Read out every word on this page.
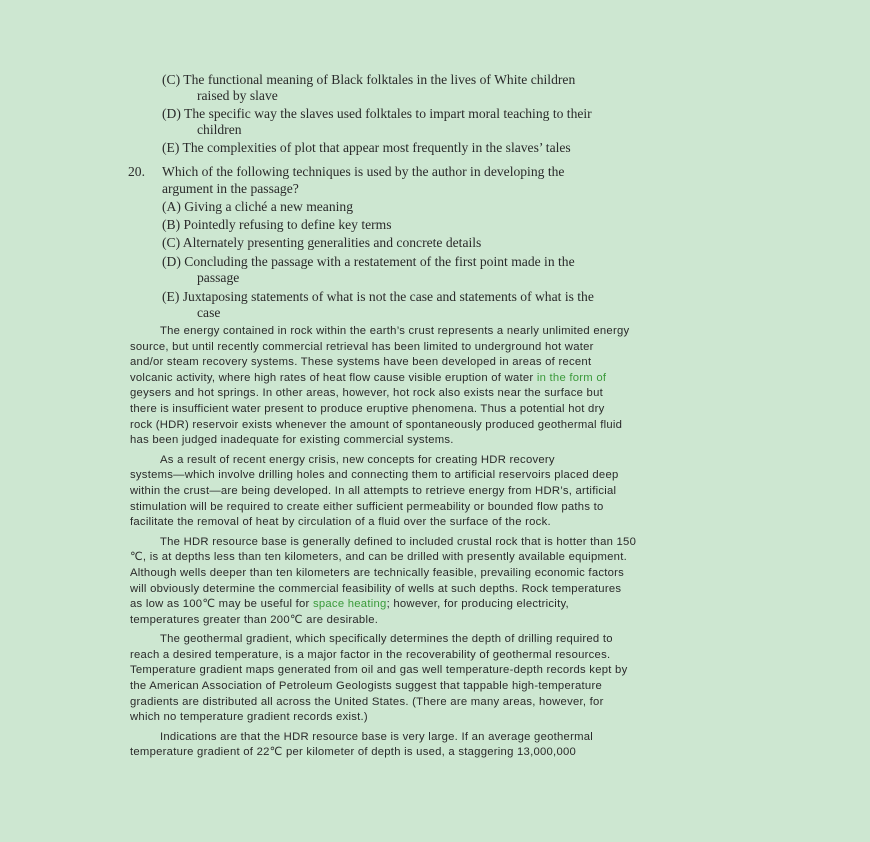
(C) The functional meaning of Black folktales in the lives of White children
raised by slave
(D) The specific way the slaves used folktales to impart moral teaching to their
children
(E) The complexities of plot that appear most frequently in the slaves’ tales
20. Which of the following techniques is used by the author in developing the
argument in the passage?
(A) Giving a cliché a new meaning
(B) Pointedly refusing to define key terms
(C) Alternately presenting generalities and concrete details
(D) Concluding the passage with a restatement of the first point made in the
passage
(E) Juxtaposing statements of what is not the case and statements of what is the
case
The energy contained in rock within the earth’s crust represents a nearly unlimited energy
source, but until recently commercial retrieval has been limited to underground hot water
and/or steam recovery systems. These systems have been developed in areas of recent
volcanic activity, where high rates of heat flow cause visible eruption of water in the form of
geysers and hot springs. In other areas, however, hot rock also exists near the surface but
there is insufficient water present to produce eruptive phenomena. Thus a potential hot dry
rock (HDR) reservoir exists whenever the amount of spontaneously produced geothermal fluid
has been judged inadequate for existing commercial systems.
As a result of recent energy crisis, new concepts for creating HDR recovery
systems—which involve drilling holes and connecting them to artificial reservoirs placed deep
within the crust—are being developed. In all attempts to retrieve energy from HDR’s, artificial
stimulation will be required to create either sufficient permeability or bounded flow paths to
facilitate the removal of heat by circulation of a fluid over the surface of the rock.
The HDR resource base is generally defined to included crustal rock that is hotter than 150
℃, is at depths less than ten kilometers, and can be drilled with presently available equipment.
Although wells deeper than ten kilometers are technically feasible, prevailing economic factors
will obviously determine the commercial feasibility of wells at such depths. Rock temperatures
as low as 100℃ may be useful for space heating; however, for producing electricity,
temperatures greater than 200℃ are desirable.
The geothermal gradient, which specifically determines the depth of drilling required to
reach a desired temperature, is a major factor in the recoverability of geothermal resources.
Temperature gradient maps generated from oil and gas well temperature-depth records kept by
the American Association of Petroleum Geologists suggest that tappable high-temperature
gradients are distributed all across the United States. (There are many areas, however, for
which no temperature gradient records exist.)
Indications are that the HDR resource base is very large. If an average geothermal
temperature gradient of 22℃ per kilometer of depth is used, a staggering 13,000,000
